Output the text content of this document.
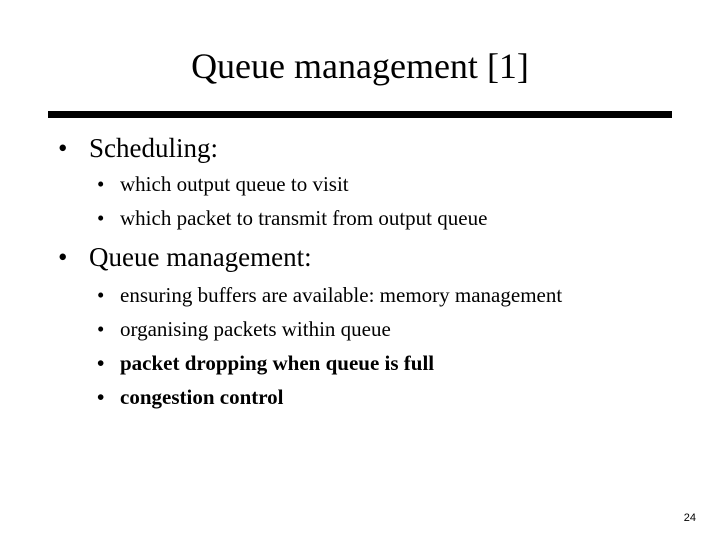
Queue management [1]
• Scheduling:
• which output queue to visit
• which packet to transmit from output queue
• Queue management:
• ensuring buffers are available: memory management
• organising packets within queue
• packet dropping when queue is full
• congestion control
24
